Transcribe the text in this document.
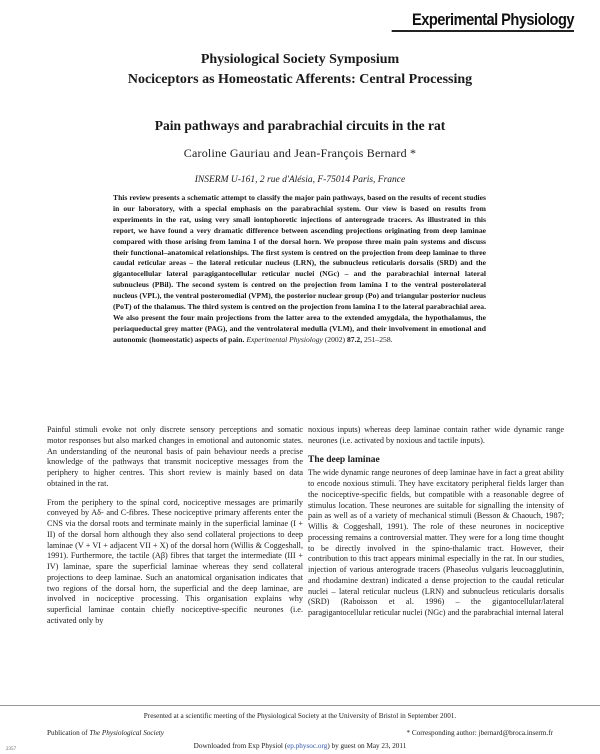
Experimental Physiology
Physiological Society Symposium
Nociceptors as Homeostatic Afferents: Central Processing
Pain pathways and parabrachial circuits in the rat
Caroline Gauriau and Jean-François Bernard *
INSERM U-161, 2 rue d'Alésia, F-75014 Paris, France
This review presents a schematic attempt to classify the major pain pathways, based on the results of recent studies in our laboratory, with a special emphasis on the parabrachial system. Our view is based on results from experiments in the rat, using very small iontophoretic injections of anterograde tracers. As illustrated in this report, we have found a very dramatic difference between ascending projections originating from deep laminae compared with those arising from lamina I of the dorsal horn. We propose three main pain systems and discuss their functional–anatomical relationships. The first system is centred on the projection from deep laminae to three caudal reticular areas – the lateral reticular nucleus (LRN), the subnucleus reticularis dorsalis (SRD) and the gigantocellular lateral paragigantocellular reticular nuclei (NGc) – and the parabrachial internal lateral subnucleus (PBil). The second system is centred on the projection from lamina I to the ventral posterolateral nucleus (VPL), the ventral posteromedial (VPM), the posterior nuclear group (Po) and triangular posterior nucleus (PoT) of the thalamus. The third system is centred on the projection from lamina I to the lateral parabrachial area. We also present the four main projections from the latter area to the extended amygdala, the hypothalamus, the periaqueductal grey matter (PAG), and the ventrolateral medulla (VLM), and their involvement in emotional and autonomic (homeostatic) aspects of pain. Experimental Physiology (2002) 87.2, 251–258.

Painful stimuli evoke not only discrete sensory perceptions and somatic motor responses but also marked changes in emotional and autonomic states. An understanding of the neuronal basis of pain behaviour needs a precise knowledge of the pathways that transmit nociceptive messages from the periphery to higher centres. This short review is mainly based on data obtained in the rat.

From the periphery to the spinal cord, nociceptive messages are primarily conveyed by Aδ- and C-fibres. These nociceptive primary afferents enter the CNS via the dorsal roots and terminate mainly in the superficial laminae (I + II) of the dorsal horn although they also send collateral projections to deep laminae (V + VI + adjacent VII + X) of the dorsal horn (Willis & Coggeshall, 1991). Furthermore, the tactile (Aβ) fibres that target the intermediate (III + IV) laminae, spare the superficial laminae whereas they send collateral projections to deep laminae. Such an anatomical organisation indicates that two regions of the dorsal horn, the superficial and the deep laminae, are involved in nociceptive processing. This organisation explains why superficial laminae contain chiefly nociceptive-specific neurones (i.e. activated only by

noxious inputs) whereas deep laminae contain rather wide dynamic range neurones (i.e. activated by noxious and tactile inputs).

The deep laminae

The wide dynamic range neurones of deep laminae have in fact a great ability to encode noxious stimuli. They have excitatory peripheral fields larger than the nociceptive-specific fields, but compatible with a reasonable degree of stimulus location. These neurones are suitable for signalling the intensity of pain as well as of a variety of mechanical stimuli (Besson & Chaouch, 1987; Willis & Coggeshall, 1991). The role of these neurones in nociceptive processing remains a controversial matter. They were for a long time thought to be directly involved in the spino-thalamic tract. However, their contribution to this tract appears minimal especially in the rat. In our studies, injection of various anterograde tracers (Phaseolus vulgaris leucoagglutinin, and rhodamine dextran) indicated a dense projection to the caudal reticular nuclei – lateral reticular nucleus (LRN) and subnucleus reticularis dorsalis (SRD) (Raboisson et al. 1996) – the gigantocellular/lateral paragigantocellular reticular nuclei (NGc) and the parabrachial internal lateral

Presented at a scientific meeting of the Physiological Society at the University of Bristol in September 2001.
Publication of The Physiological Society	* Corresponding author: jbernard@broca.inserm.fr
2357	Downloaded from Exp Physiol (ep.physoc.org) by guest on May 23, 2011
